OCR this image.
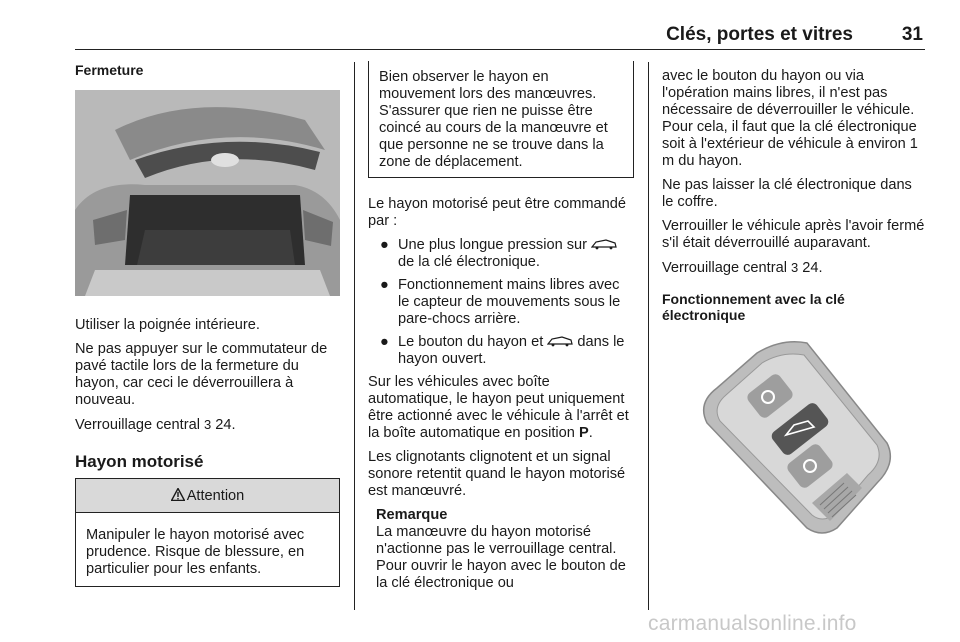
Clés, portes et vitres	31
Fermeture

Utiliser la poignée intérieure.

Ne pas appuyer sur le commutateur de pavé tactile lors de la fermeture du hayon, car ceci le déverrouillera à nouveau.

Verrouillage central 3 24.

Hayon motorisé
Attention
Manipuler le hayon motorisé avec prudence. Risque de blessure, en particulier pour les enfants.
Bien observer le hayon en mouvement lors des manœuvres. S'assurer que rien ne puisse être coincé au cours de la manœuvre et que personne ne se trouve dans la zone de déplacement.

Le hayon motorisé peut être commandé par :

● Une plus longue pression sur  de la clé électronique.
● Fonctionnement mains libres avec le capteur de mouvements sous le pare-chocs arrière.
● Le bouton du hayon et  dans le hayon ouvert.

Sur les véhicules avec boîte automatique, le hayon peut uniquement être actionné avec le véhicule à l'arrêt et la boîte automatique en position P.

Les clignotants clignotent et un signal sonore retentit quand le hayon motorisé est manœuvré.

Remarque
La manœuvre du hayon motorisé n'actionne pas le verrouillage central. Pour ouvrir le hayon avec le bouton de la clé électronique ou

avec le bouton du hayon ou via l'opération mains libres, il n'est pas nécessaire de déverrouiller le véhicule. Pour cela, il faut que la clé électronique soit à l'extérieur de véhicule à environ 1 m du hayon.

Ne pas laisser la clé électronique dans le coffre.

Verrouiller le véhicule après l'avoir fermé s'il était déverrouillé auparavant.

Verrouillage central 3 24.

Fonctionnement avec la clé électronique
carmanualsonline.info
